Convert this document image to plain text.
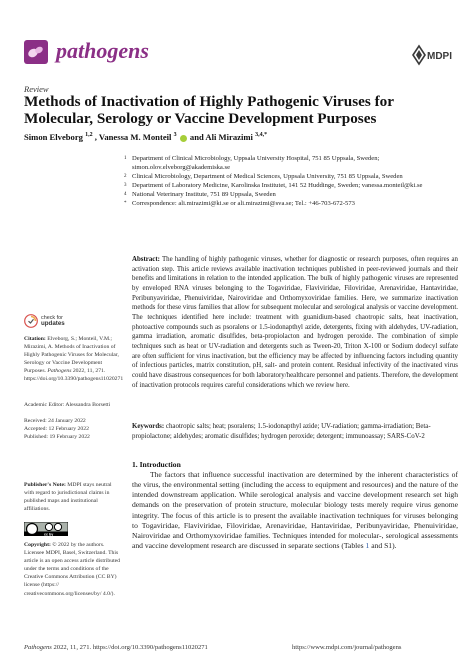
pathogens	MDPI
Review
Methods of Inactivation of Highly Pathogenic Viruses for
Molecular, Serology or Vaccine Development Purposes
Simon Elveborg $^{1,2}$ , Vanessa M. Monteil $^3$  and Ali Mirazimi $^{3,4,*}$
1 Department of Clinical Microbiology, Uppsala University Hospital, 751 85 Uppsala, Sweden;
simon.olov.elveborg@akademiska.se
2 Clinical Microbiology, Department of Medical Sciences, Uppsala University, 751 85 Uppsala, Sweden
3 Department of Laboratory Medicine, Karolinska Institutet, 141 52 Huddinge, Sweden; vanessa.monteil@ki.se
4 National Veterinary Institute, 751 89 Uppsala, Sweden
* Correspondence: ali.mirazimi@ki.se or ali.mirazimi@sva.se; Tel.: +46-703-672-573
Abstract: The handling of highly pathogenic viruses, whether for diagnostic or research purposes, often requires an activation step. This article reviews available inactivation techniques published in peer-reviewed journals and their benefits and limitations in relation to the intended application. The bulk of highly pathogenic viruses are represented by enveloped RNA viruses belonging to the Togaviridae, Flaviviridae, Filoviridae, Arenaviridae, Hantaviridae, Peribunyaviridae, Phenuiviridae, Nairoviridae and Orthomyxoviridae families. Here, we summarize inactivation methods for these virus families that allow for subsequent molecular and serological analysis or vaccine development. The techniques identified here include: treatment with guanidium-based chaotropic salts, heat inactivation, photoactive compounds such as psoralens or 1.5-iodonapthyl azide, detergents, fixing with aldehydes, UV-radiation, gamma irradiation, aromatic disulfides, beta-propiolacton and hydrogen peroxide. The combination of simple techniques such as heat or UV-radiation and detergents such as Tween-20, Triton X-100 or Sodium dodecyl sulfate are often sufficient for virus inactivation, but the efficiency may be affected by influencing factors including quantity of infectious particles, matrix constitution, pH, salt- and protein content. Residual infectivity of the inactivated virus could have disastrous consequences for both laboratory/healthcare personnel and patients. Therefore, the development of inactivation protocols requires careful considerations which we review here.
Keywords: chaotropic salts; heat; psoralens; 1.5-iodonapthyl azide; UV-radiation; gamma-irradiation; Beta-propiolactone; aldehydes; aromatic disulfides; hydrogen peroxide; detergent; immunoassay; SARS-CoV-2
1. Introduction
The factors that influence successful inactivation are determined by the inherent characteristics of the virus, the environmental setting (including the access to equipment and resources) and the nature of the intended downstream application. While serological analysis and vaccine development research set high demands on the preservation of protein structure, molecular biology tests merely require virus genome integrity. The focus of this article is to present the available inactivation techniques for viruses belonging to Togaviridae, Flaviviridae, Filoviridae, Arenaviridae, Hantaviridae, Peribunyaviridae, Phenuiviridae, Nairoviridae and Orthomyxoviridae families. Techniques intended for molecular-, serological assessments and vaccine development research are discussed in separate sections (Tables 1 and S1).
check for
updates
Citation: Elveborg, S.; Monteil, V.M.; Mirazimi, A. Methods of Inactivation of Highly Pathogenic Viruses for Molecular, Serology or Vaccine Development Purposes. Pathogens 2022, 11, 271. https://doi.org/10.3390/pathogens11020271
Academic Editor: Alessandra Borsetti
Received: 24 January 2022
Accepted: 12 February 2022
Published: 19 February 2022
Publisher's Note: MDPI stays neutral with regard to jurisdictional claims in published maps and institutional affiliations.
cc by
Copyright: © 2022 by the authors. Licensee MDPI, Basel, Switzerland. This article is an open access article distributed under the terms and conditions of the Creative Commons Attribution (CC BY) license (https:// creativecommons.org/licenses/by/ 4.0/).
Pathogens 2022, 11, 271. https://doi.org/10.3390/pathogens11020271	https://www.mdpi.com/journal/pathogens
